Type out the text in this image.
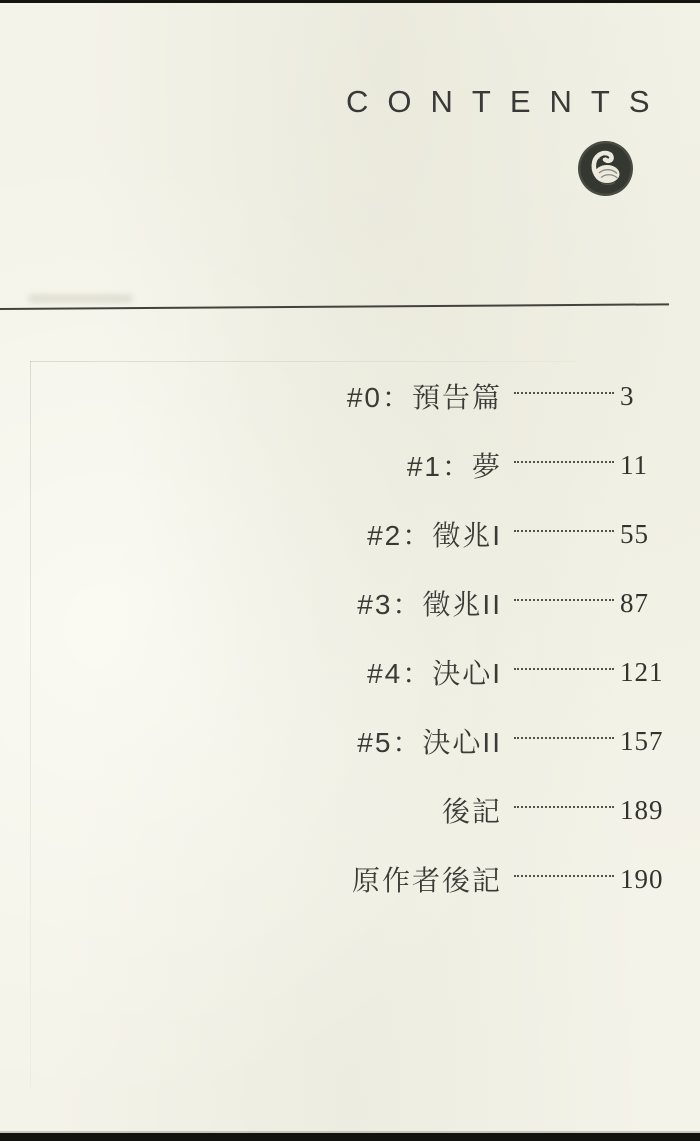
CONTENTS
#0：預告篇	3
#1：夢	11
#2：徵兆I	55
#3：徵兆II	87
#4：決心I	121
#5：決心II	157
後記	189
原作者後記	190
